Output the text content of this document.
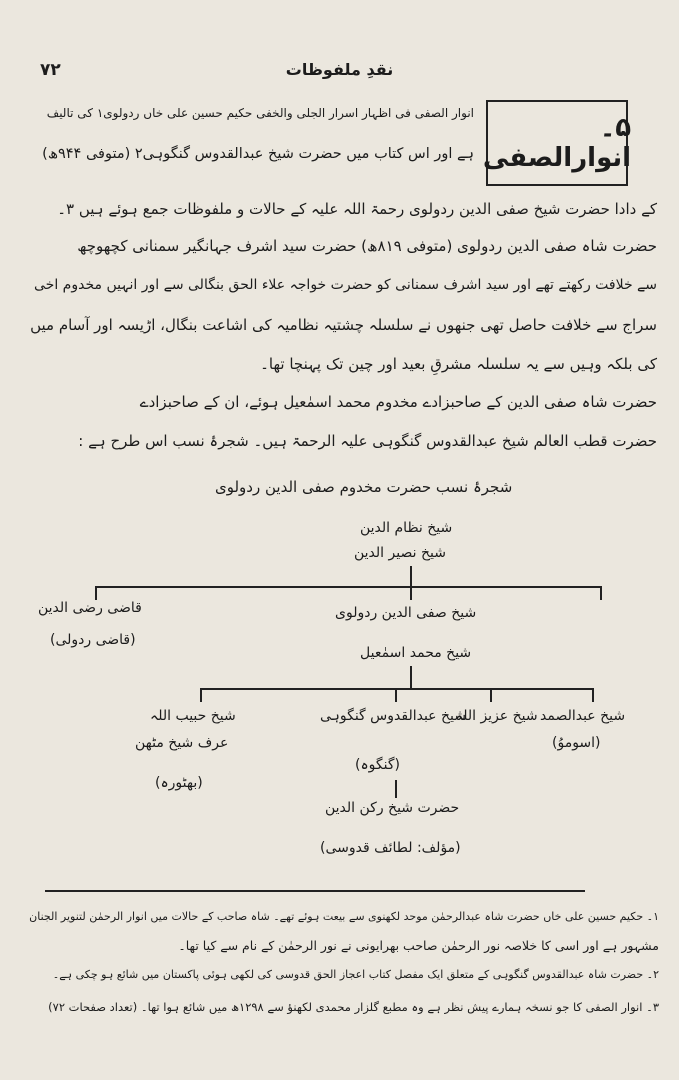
٧٢	نقدِ ملفوظات
۵۔ انوارالصفی
انوار الصفی فی اظہار اسرار الجلی والخفی حکیم حسین علی خاں ردولوی۱ کی تالیف
ہے اور اس کتاب میں حضرت شیخ عبدالقدوس گنگوہی۲ (متوفی ۹۴۴ھ)
کے دادا حضرت شیخ صفی الدین ردولوی رحمۃ اللہ علیہ کے حالات و ملفوظات جمع ہوئے ہیں ۳۔
حضرت شاہ صفی الدین ردولوی (متوفی ۸۱۹ھ) حضرت سید اشرف جہانگیر سمنانی کچھوچھ
سے خلافت رکھتے تھے اور سید اشرف سمنانی کو حضرت خواجہ علاء الحق بنگالی سے اور انہیں مخدوم اخی
سراج سے خلافت حاصل تھی جنھوں نے سلسلہ چشتیہ نظامیہ کی اشاعت بنگال، اڑیسہ اور آسام میں
کی بلکہ وہیں سے یہ سلسلہ مشرقِ بعید اور چین تک پہنچا تھا۔
حضرت شاہ صفی الدین کے صاحبزادے مخدوم محمد اسمٰعیل ہوئے، ان کے صاحبزادے
حضرت قطب العالم شیخ عبدالقدوس گنگوہی علیہ الرحمۃ ہیں۔ شجرۂ نسب اس طرح ہے :
شجرۂ نسب حضرت مخدوم صفی الدین ردولوی
شیخ نظام الدین
شیخ نصیر الدین
قاضی رضی الدین
(قاضی ردولی)
شیخ صفی الدین ردولوی
شیخ محمد اسمٰعیل
شیخ عبدالصمد
(اسوموُ)
شیخ عزیز اللہ
شیخ عبدالقدوس گنگوہی
(گنگوہ)
شیخ حبیب اللہ
عرف شیخ مٹھن
(بھٹورہ)
حضرت شیخ رکن الدین
(مؤلف: لطائف قدوسی)
۱۔ حکیم حسین علی خاں حضرت شاہ عبدالرحمٰن موحد لکھنوی سے بیعت ہوئے تھے۔ شاہ صاحب کے حالات میں انوار الرحمٰن لتنویر الجنان
مشہور ہے اور اسی کا خلاصہ نور الرحمٰن صاحب بھرایونی نے نور الرحمٰن کے نام سے کیا تھا۔
۲۔ حضرت شاہ عبدالقدوس گنگوہی کے متعلق ایک مفصل کتاب اعجاز الحق قدوسی کی لکھی ہوئی پاکستان میں شائع ہو چکی ہے۔
۳۔ انوار الصفی کا جو نسخہ ہمارے پیش نظر ہے وہ مطبع گلزار محمدی لکھنؤ سے ۱۲۹۸ھ میں شائع ہوا تھا۔ (تعداد صفحات ۷۲)
